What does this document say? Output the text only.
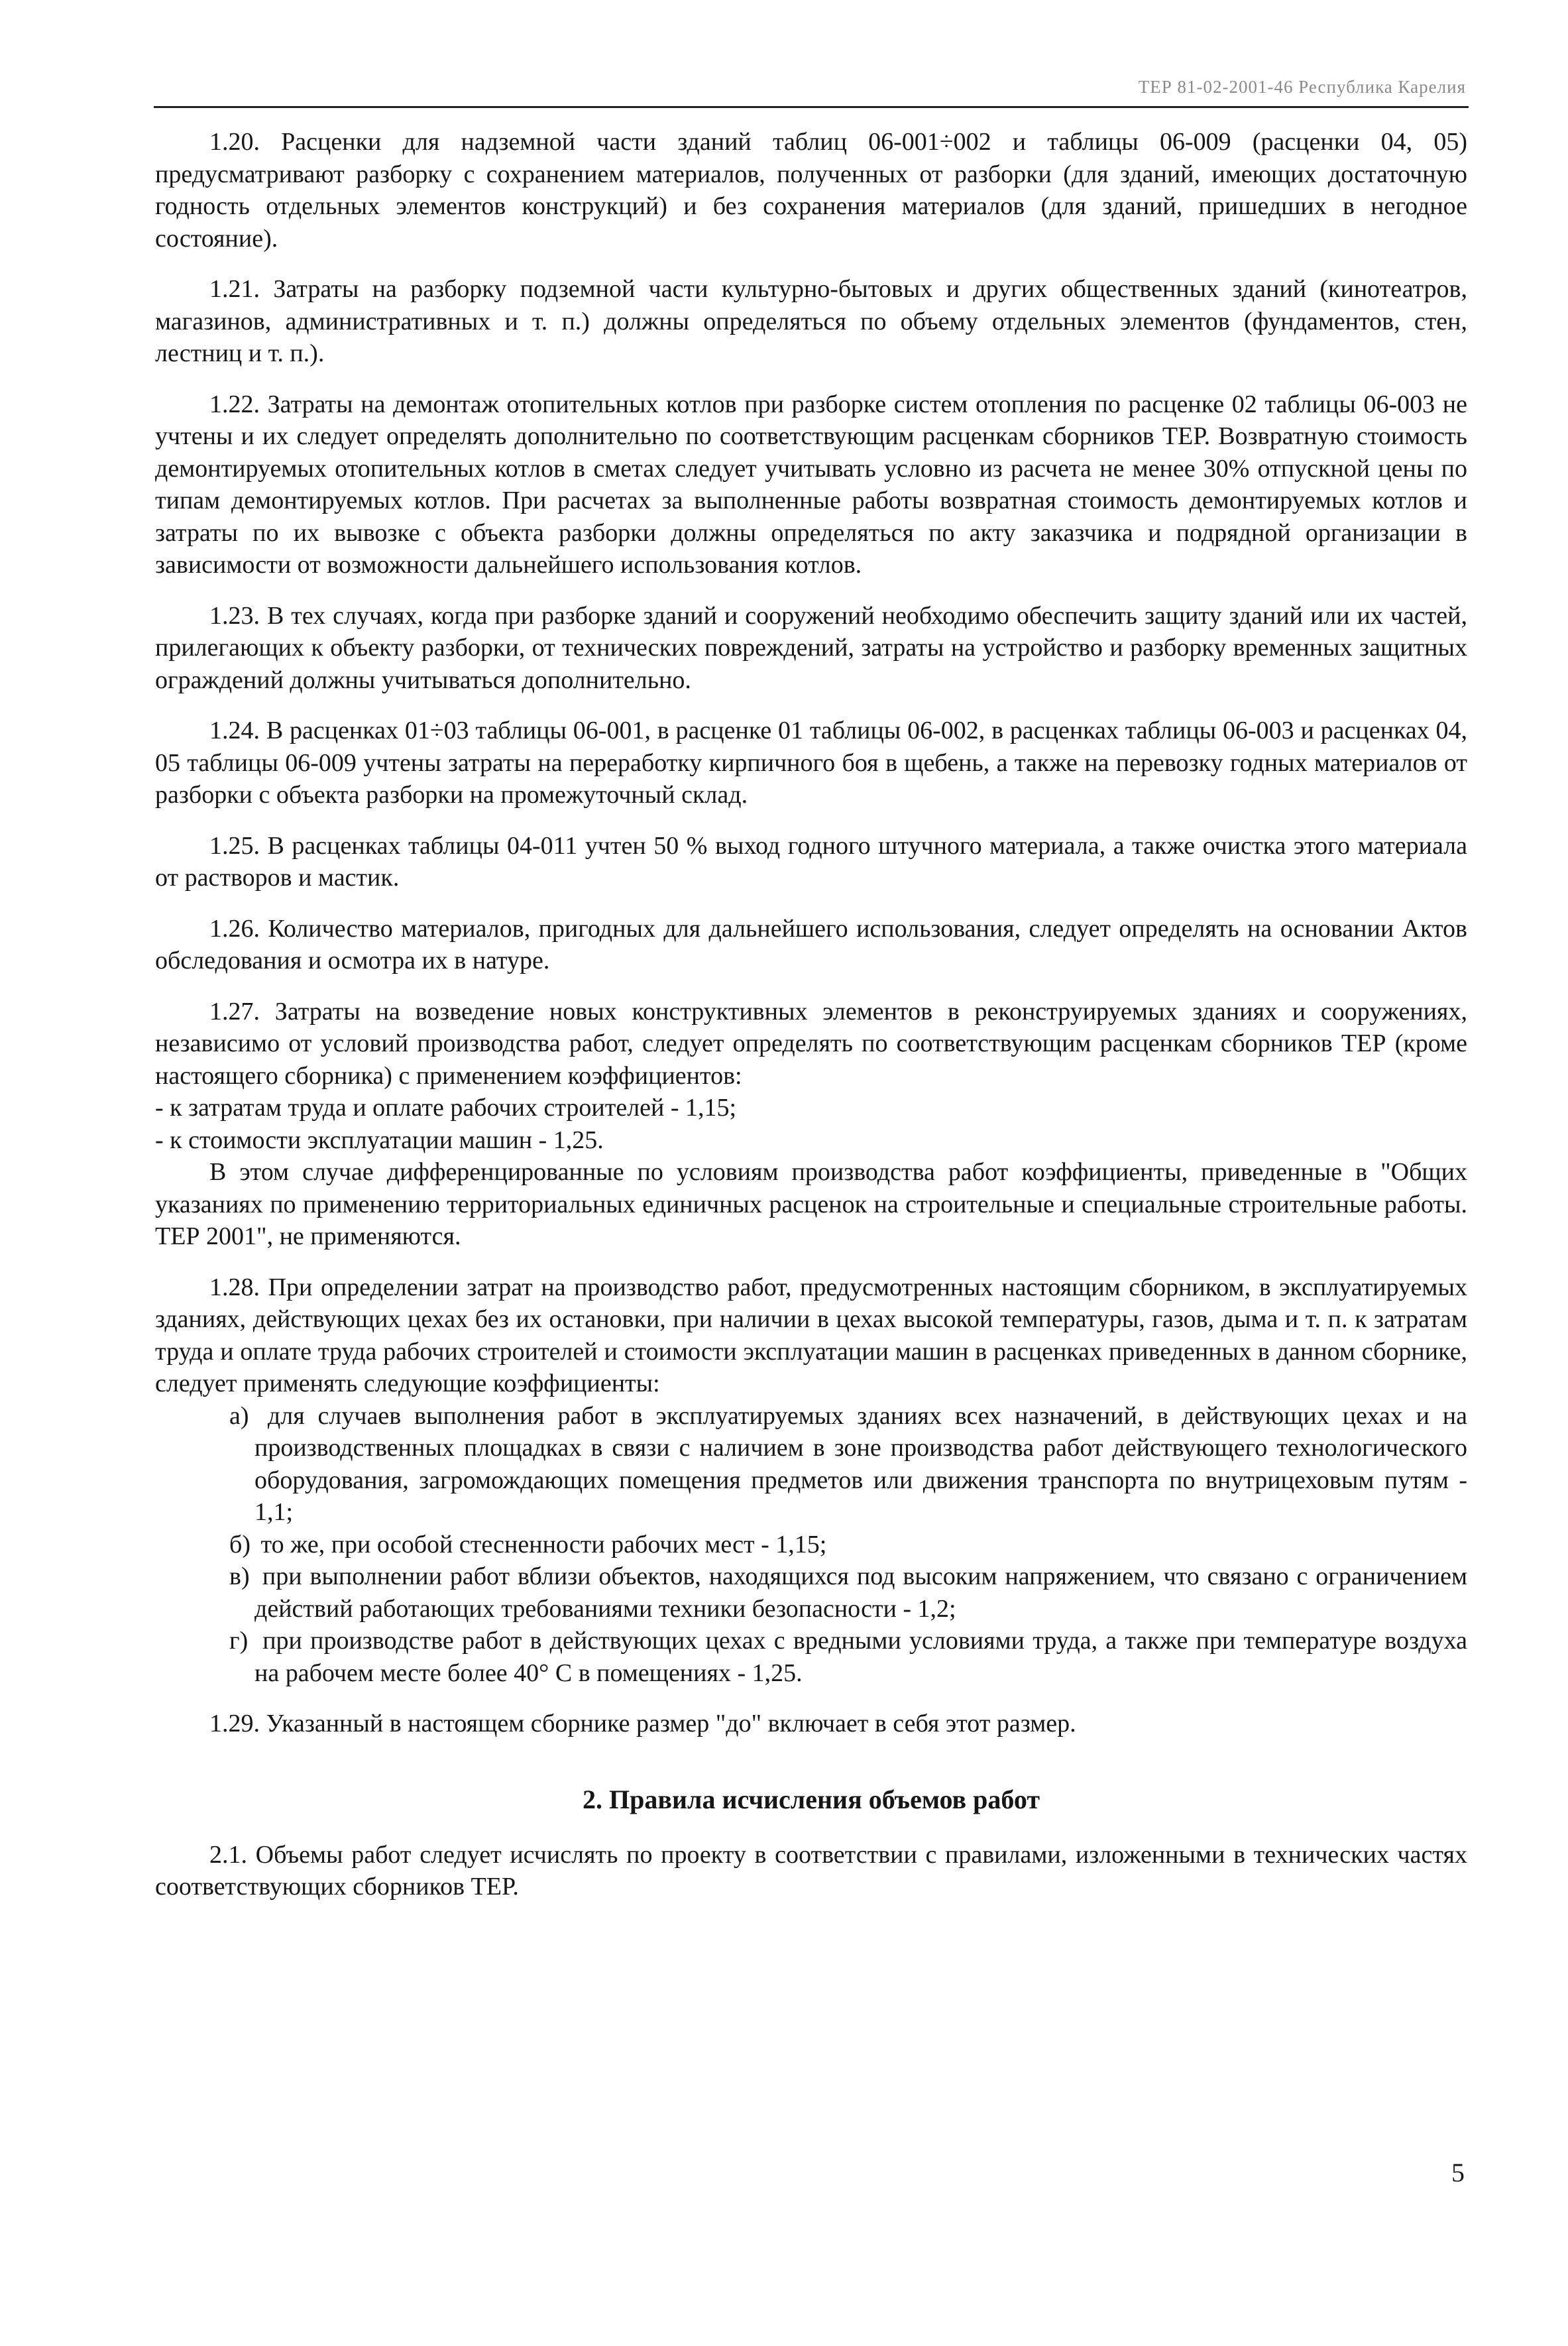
ТЕР 81-02-2001-46 Республика Карелия

1.20. Расценки для надземной части зданий таблиц 06-001÷002 и таблицы 06-009 (расценки 04, 05) предусматривают разборку с сохранением материалов, полученных от разборки (для зданий, имеющих достаточную годность отдельных элементов конструкций) и без сохранения материалов (для зданий, пришедших в негодное состояние).

1.21. Затраты на разборку подземной части культурно-бытовых и других общественных зданий (кинотеатров, магазинов, административных и т. п.) должны определяться по объему отдельных элементов (фундаментов, стен, лестниц и т. п.).

1.22. Затраты на демонтаж отопительных котлов при разборке систем отопления по расценке 02 таблицы 06-003 не учтены и их следует определять дополнительно по соответствующим расценкам сборников ТЕР. Возвратную стоимость демонтируемых отопительных котлов в сметах следует учитывать условно из расчета не менее 30% отпускной цены по типам демонтируемых котлов. При расчетах за выполненные работы возвратная стоимость демонтируемых котлов и затраты по их вывозке с объекта разборки должны определяться по акту заказчика и подрядной организации в зависимости от возможности дальнейшего использования котлов.

1.23. В тех случаях, когда при разборке зданий и сооружений необходимо обеспечить защиту зданий или их частей, прилегающих к объекту разборки, от технических повреждений, затраты на устройство и разборку временных защитных ограждений должны учитываться дополнительно.

1.24. В расценках 01÷03 таблицы 06-001, в расценке 01 таблицы 06-002, в расценках таблицы 06-003 и расценках 04, 05 таблицы 06-009 учтены затраты на переработку кирпичного боя в щебень, а также на перевозку годных материалов от разборки с объекта разборки на промежуточный склад.

1.25. В расценках таблицы 04-011 учтен 50 % выход годного штучного материала, а также очистка этого материала от растворов и мастик.

1.26. Количество материалов, пригодных для дальнейшего использования, следует определять на основании Актов обследования и осмотра их в натуре.

1.27. Затраты на возведение новых конструктивных элементов в реконструируемых зданиях и сооружениях, независимо от условий производства работ, следует определять по соответствующим расценкам сборников ТЕР (кроме настоящего сборника) с применением коэффициентов:

- к затратам труда и оплате рабочих строителей - 1,15;

- к стоимости эксплуатации машин - 1,25.

В этом случае дифференцированные по условиям производства работ коэффициенты, приведенные в "Общих указаниях по применению территориальных единичных расценок на строительные и специальные строительные работы. ТЕР 2001", не применяются.

1.28. При определении затрат на производство работ, предусмотренных настоящим сборником, в эксплуатируемых зданиях, действующих цехах без их остановки, при наличии в цехах высокой температуры, газов, дыма и т. п. к затратам труда и оплате труда рабочих строителей и стоимости эксплуатации машин в расценках приведенных в данном сборнике, следует применять следующие коэффициенты:

а) для случаев выполнения работ в эксплуатируемых зданиях всех назначений, в действующих цехах и на производственных площадках в связи с наличием в зоне производства работ действующего технологического оборудования, загромождающих помещения предметов или движения транспорта по внутрицеховым путям - 1,1;
б) то же, при особой стесненности рабочих мест - 1,15;
в) при выполнении работ вблизи объектов, находящихся под высоким напряжением, что связано с ограничением действий работающих требованиями техники безопасности - 1,2;
г) при производстве работ в действующих цехах с вредными условиями труда, а также при температуре воздуха на рабочем месте более 40° С в помещениях - 1,25.

1.29. Указанный в настоящем сборнике размер "до" включает в себя этот размер.

2. Правила исчисления объемов работ

2.1. Объемы работ следует исчислять по проекту в соответствии с правилами, изложенными в технических частях соответствующих сборников ТЕР.

5
